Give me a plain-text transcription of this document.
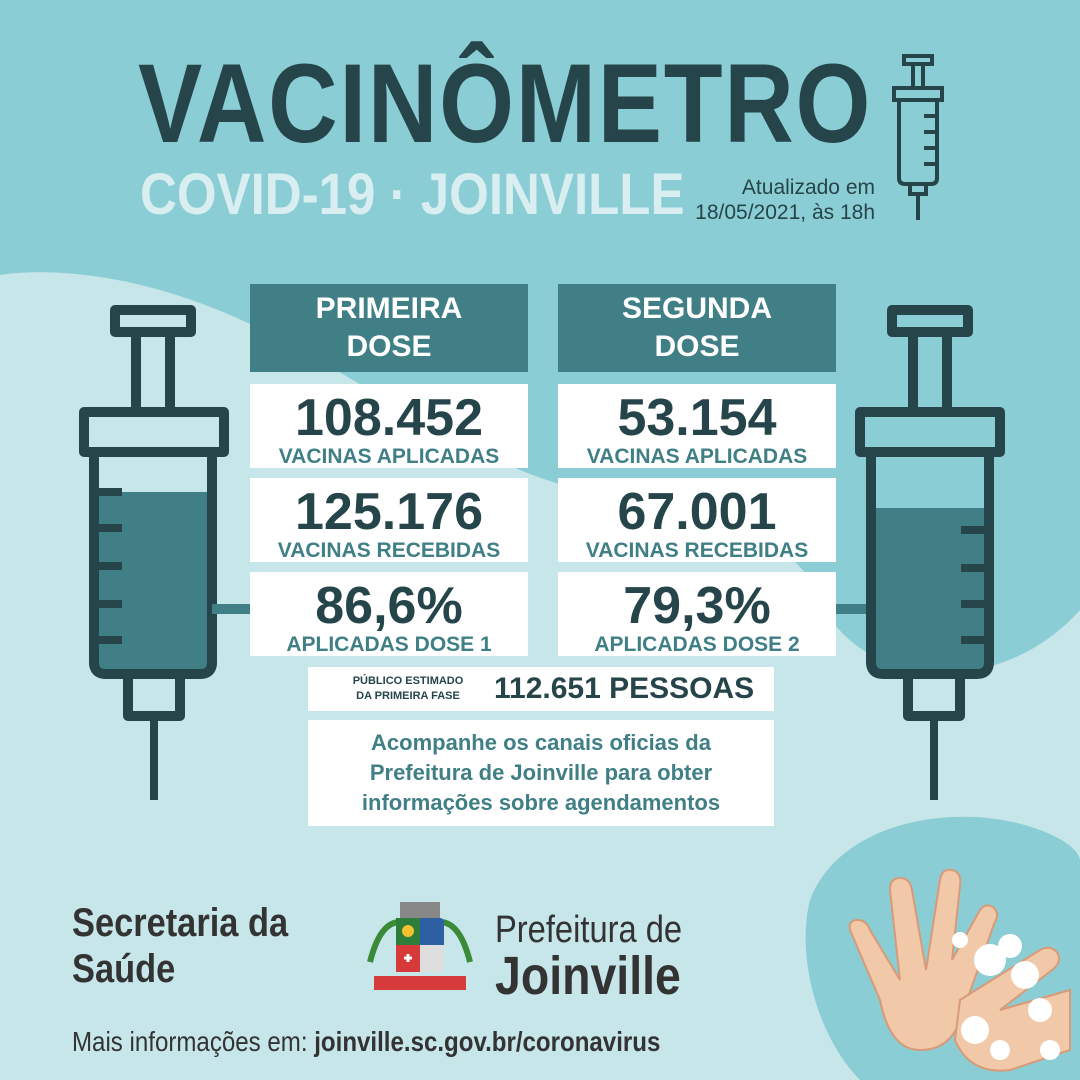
VACINÔMETRO
COVID-19 · JOINVILLE	Atualizado em
18/05/2021, às 18h
PRIMEIRA
DOSE
SEGUNDA
DOSE
108.452
VACINAS APLICADAS
125.176
VACINAS RECEBIDAS
86,6%
APLICADAS DOSE 1
53.154
VACINAS APLICADAS
67.001
VACINAS RECEBIDAS
79,3%
APLICADAS DOSE 2
PÚBLICO ESTIMADO
DA PRIMEIRA FASE	112.651 PESSOAS
Acompanhe os canais oficias da Prefeitura de Joinville para obter informações sobre agendamentos
Secretaria da
Saúde
Prefeitura de
Joinville
Mais informações em: joinville.sc.gov.br/coronavirus
